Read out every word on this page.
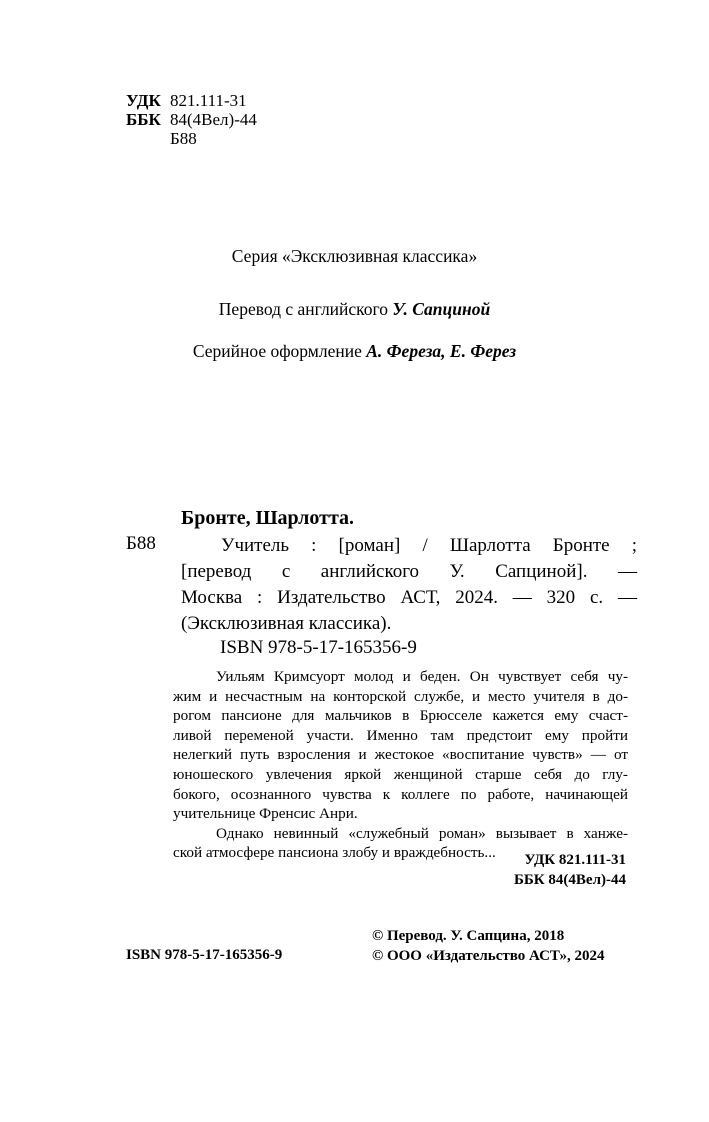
УДК 821.111-31
ББК 84(4Вел)-44
Б88
Серия «Эксклюзивная классика»
Перевод с английского У. Сапциной
Серийное оформление А. Фереза, Е. Ферез
Бронте, Шарлотта.
Б88	Учитель : [роман] / Шарлотта Бронте ;
[перевод с английского У. Сапциной]. —
Москва : Издательство АСТ, 2024. — 320 с. —
(Эксклюзивная классика).
ISBN 978-5-17-165356-9
Уильям Кримсуорт молод и беден. Он чувствует себя чу-
жим и несчастным на конторской службе, и место учителя в до-
рогом пансионе для мальчиков в Брюсселе кажется ему счаст-
ливой переменой участи. Именно там предстоит ему пройти
нелегкий путь взросления и жестокое «воспитание чувств» — от
юношеского увлечения яркой женщиной старше себя до глу-
бокого, осознанного чувства к коллеге по работе, начинающей
учительнице Френсис Анри.
Однако невинный «служебный роман» вызывает в ханже-
ской атмосфере пансиона злобу и враждебность...	УДК 821.111-31
ББК 84(4Вел)-44
ISBN 978-5-17-165356-9
© Перевод. У. Сапцина, 2018
© ООО «Издательство АСТ», 2024
